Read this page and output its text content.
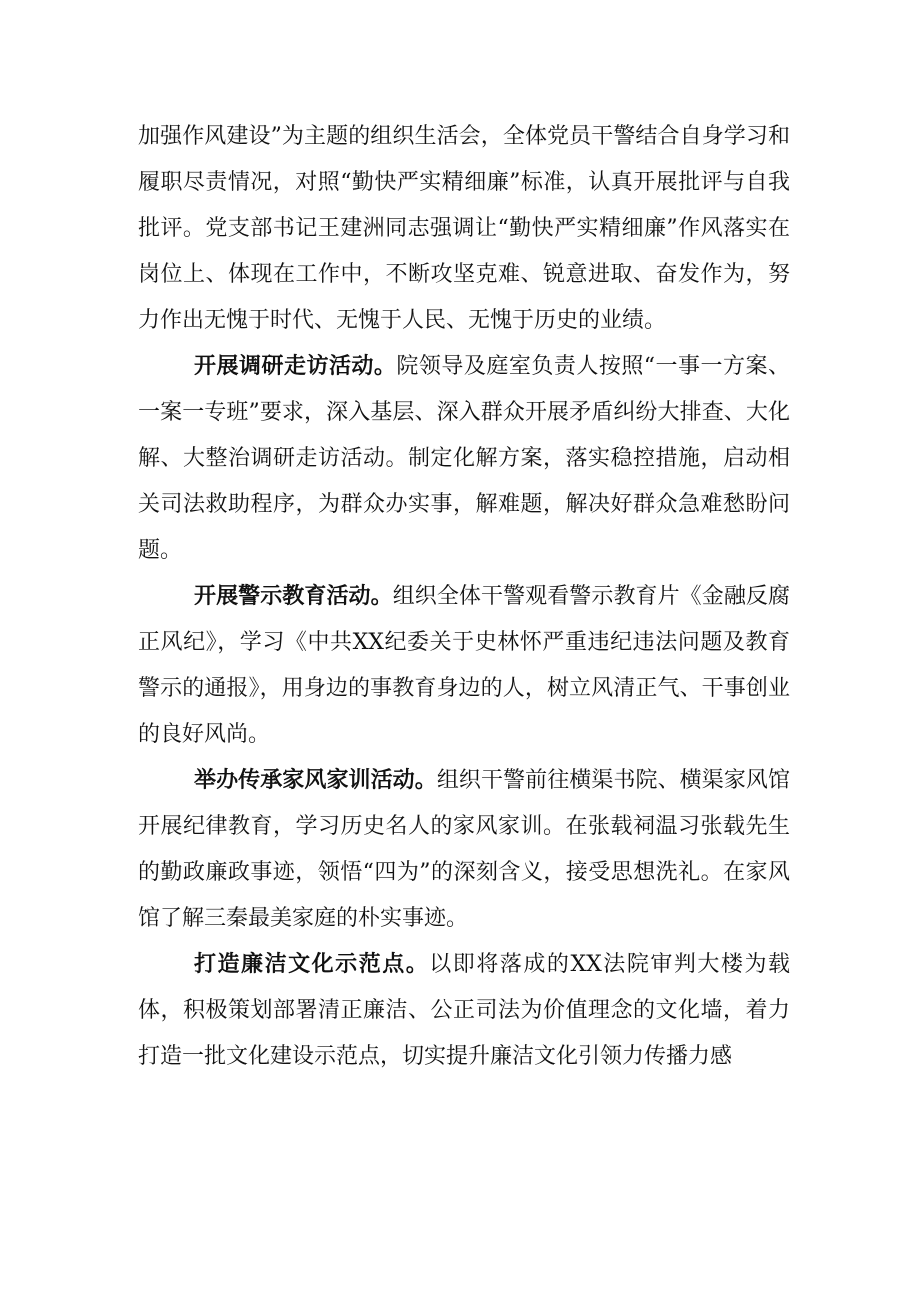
加强作风建设”为主题的组织生活会，全体党员干警结合自身学习和履职尽责情况，对照“勤快严实精细廉”标准，认真开展批评与自我批评。党支部书记王建洲同志强调让“勤快严实精细廉”作风落实在岗位上、体现在工作中，不断攻坚克难、锐意进取、奋发作为，努力作出无愧于时代、无愧于人民、无愧于历史的业绩。

开展调研走访活动。院领导及庭室负责人按照“一事一方案、一案一专班”要求，深入基层、深入群众开展矛盾纠纷大排查、大化解、大整治调研走访活动。制定化解方案，落实稳控措施，启动相关司法救助程序，为群众办实事，解难题，解决好群众急难愁盼问题。

开展警示教育活动。组织全体干警观看警示教育片《金融反腐正风纪》，学习《中共XX纪委关于史林怀严重违纪违法问题及教育警示的通报》，用身边的事教育身边的人，树立风清正气、干事创业的良好风尚。

举办传承家风家训活动。组织干警前往横渠书院、横渠家风馆开展纪律教育，学习历史名人的家风家训。在张载祠温习张载先生的勤政廉政事迹，领悟“四为”的深刻含义，接受思想洗礼。在家风馆了解三秦最美家庭的朴实事迹。

打造廉洁文化示范点。以即将落成的XX法院审判大楼为载体，积极策划部署清正廉洁、公正司法为价值理念的文化墙，着力打造一批文化建设示范点，切实提升廉洁文化引领力传播力感
